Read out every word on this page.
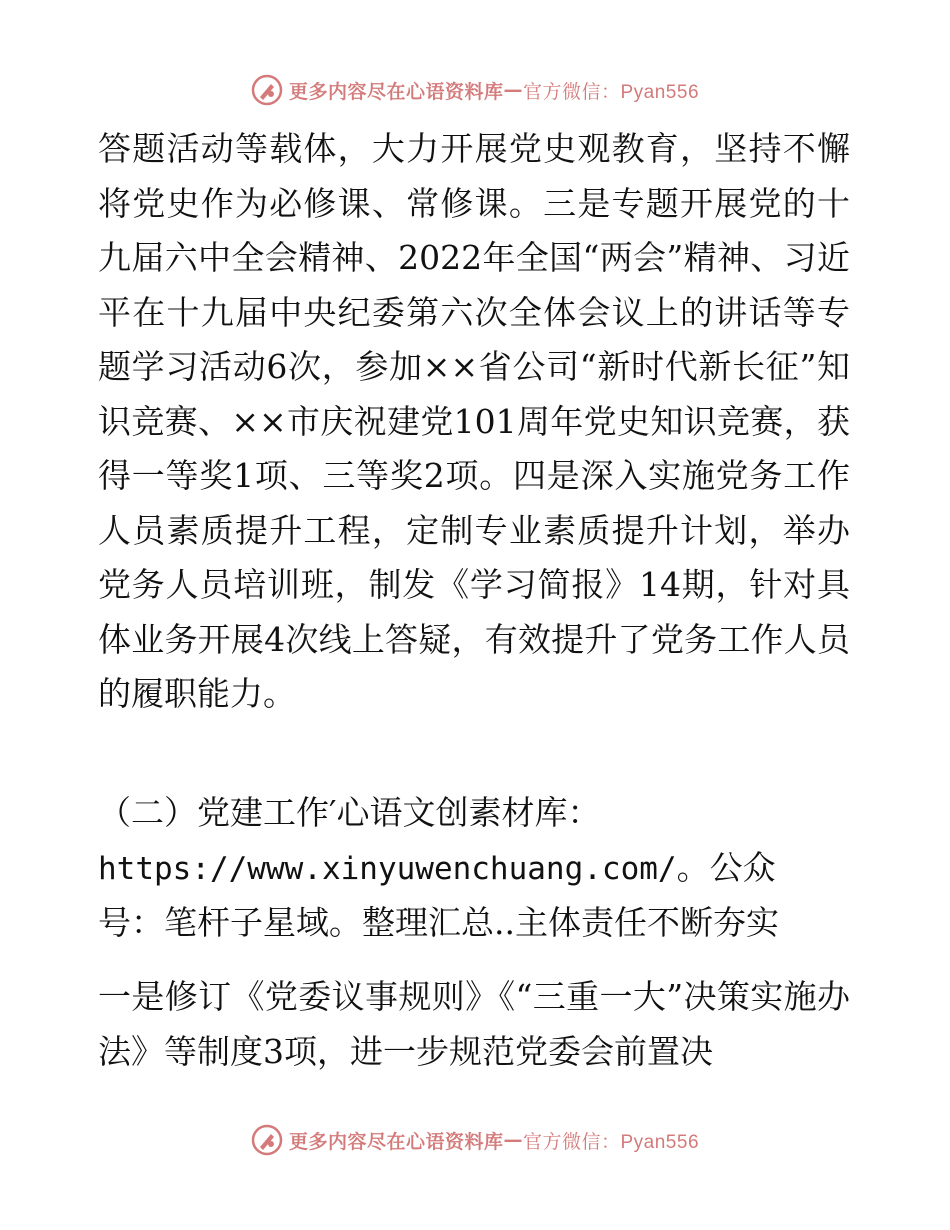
更多内容尽在心语资料库 — 官方微信：Pyan556

答题活动等载体，大力开展党史观教育，坚持不懈将党史作为必修课、常修课。三是专题开展党的十九届六中全会精神、2022年全国“两会”精神、习近平在十九届中央纪委第六次全体会议上的讲话等专题学习活动6次，参加××省公司“新时代新长征”知识竞赛、××市庆祝建党101周年党史知识竞赛，获得一等奖1项、三等奖2项。四是深入实施党务工作人员素质提升工程，定制专业素质提升计划，举办党务人员培训班，制发《学习简报》14期，针对具体业务开展4次线上答疑，有效提升了党务工作人员的履职能力。

（二）党建工作′心语文创素材库：https://www.xinyuwenchuang.com/。公众号：笔杆子星域。整理汇总..主体责任不断夯实

一是修订《党委议事规则》《“三重一大”决策实施办法》等制度3项，进一步规范党委会前置决

更多内容尽在心语资料库 — 官方微信：Pyan556
